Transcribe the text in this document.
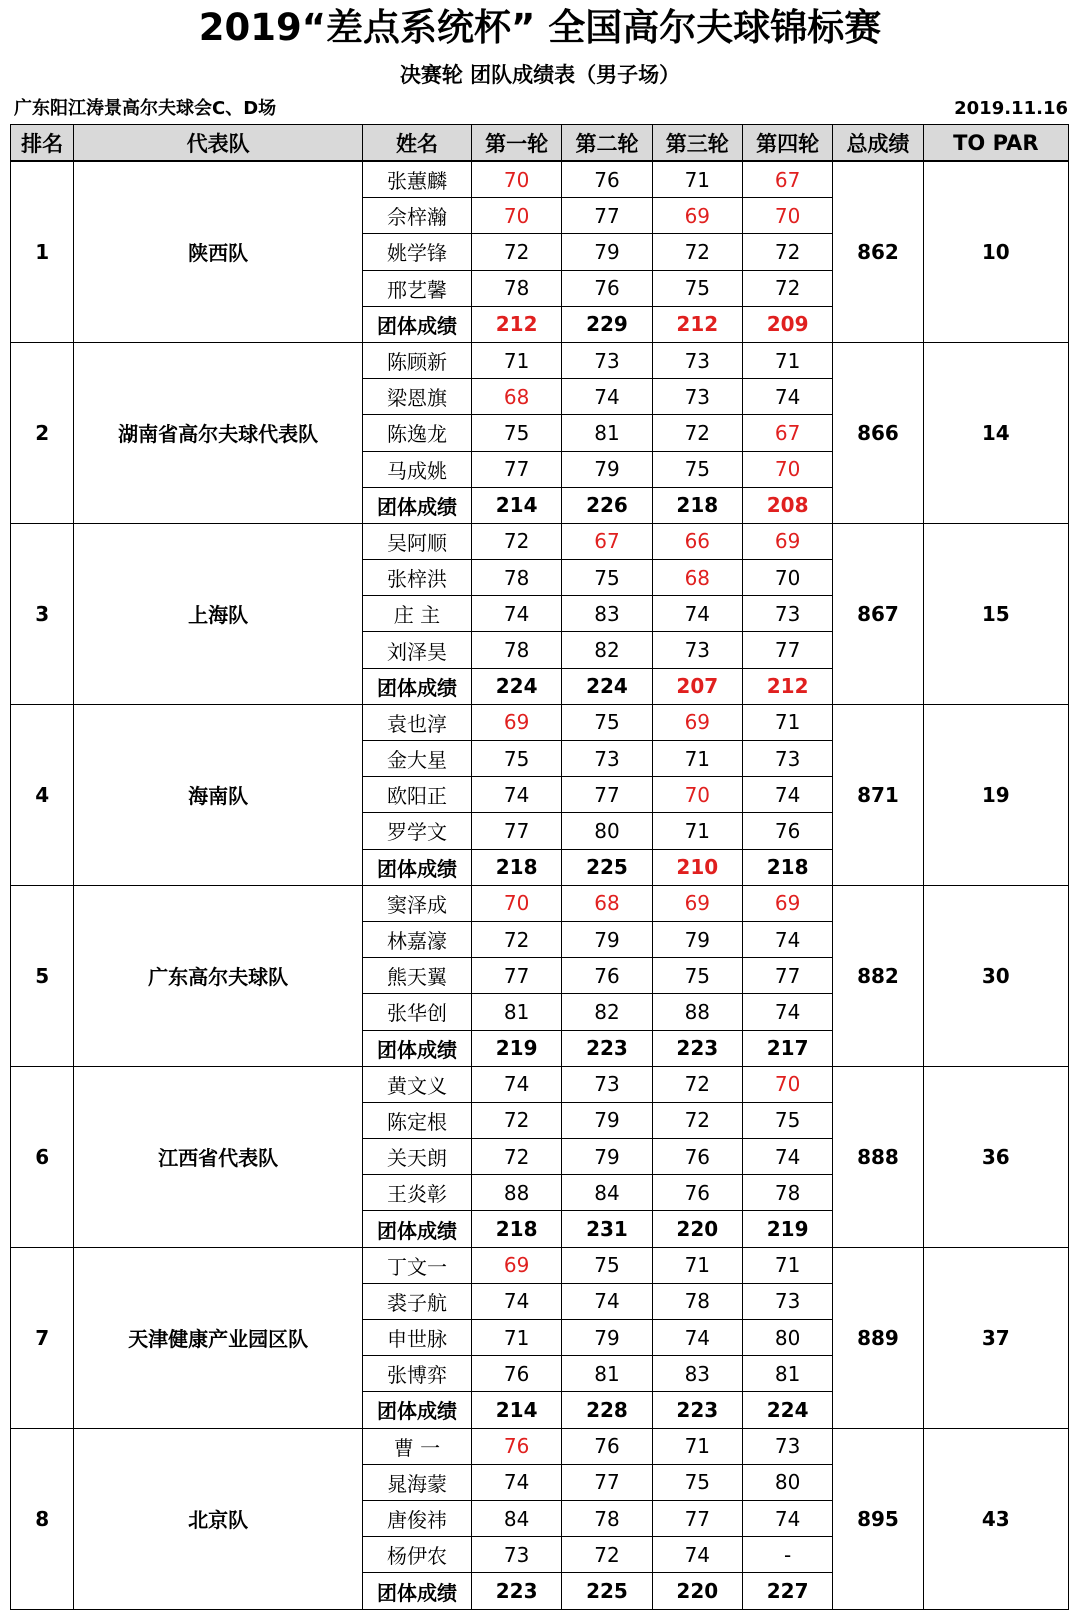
2019“差点系统杯” 全国高尔夫球锦标赛
决赛轮 团队成绩表（男子场）
广东阳江涛景高尔夫球会C、D场	2019.11.16
排名	代表队	姓名	第一轮	第二轮	第三轮	第四轮	总成绩	TO PAR
1	陕西队	张蕙麟	70	76	71	67	862	10
		佘梓瀚	70	77	69	70		
		姚学锋	72	79	72	72		
		邢艺馨	78	76	75	72		
		团体成绩	212	229	212	209		
2	湖南省高尔夫球代表队	陈顾新	71	73	73	71	866	14
		梁恩旗	68	74	73	74		
		陈逸龙	75	81	72	67		
		马成姚	77	79	75	70		
		团体成绩	214	226	218	208		
3	上海队	吴阿顺	72	67	66	69	867	15
		张梓洪	78	75	68	70		
		庄 主	74	83	74	73		
		刘泽昊	78	82	73	77		
		团体成绩	224	224	207	212		
4	海南队	袁也淳	69	75	69	71	871	19
		金大星	75	73	71	73		
		欧阳正	74	77	70	74		
		罗学文	77	80	71	76		
		团体成绩	218	225	210	218		
5	广东高尔夫球队	窦泽成	70	68	69	69	882	30
		林嘉濠	72	79	79	74		
		熊天翼	77	76	75	77		
		张华创	81	82	88	74		
		团体成绩	219	223	223	217		
6	江西省代表队	黄文义	74	73	72	70	888	36
		陈定根	72	79	72	75		
		关天朗	72	79	76	74		
		王炎彰	88	84	76	78		
		团体成绩	218	231	220	219		
7	天津健康产业园区队	丁文一	69	75	71	71	889	37
		裘子航	74	74	78	73		
		申世脉	71	79	74	80		
		张博弈	76	81	83	81		
		团体成绩	214	228	223	224		
8	北京队	曹 一	76	76	71	73	895	43
		晁海蒙	74	77	75	80		
		唐俊祎	84	78	77	74		
		杨伊农	73	72	74	-		
		团体成绩	223	225	220	227		
